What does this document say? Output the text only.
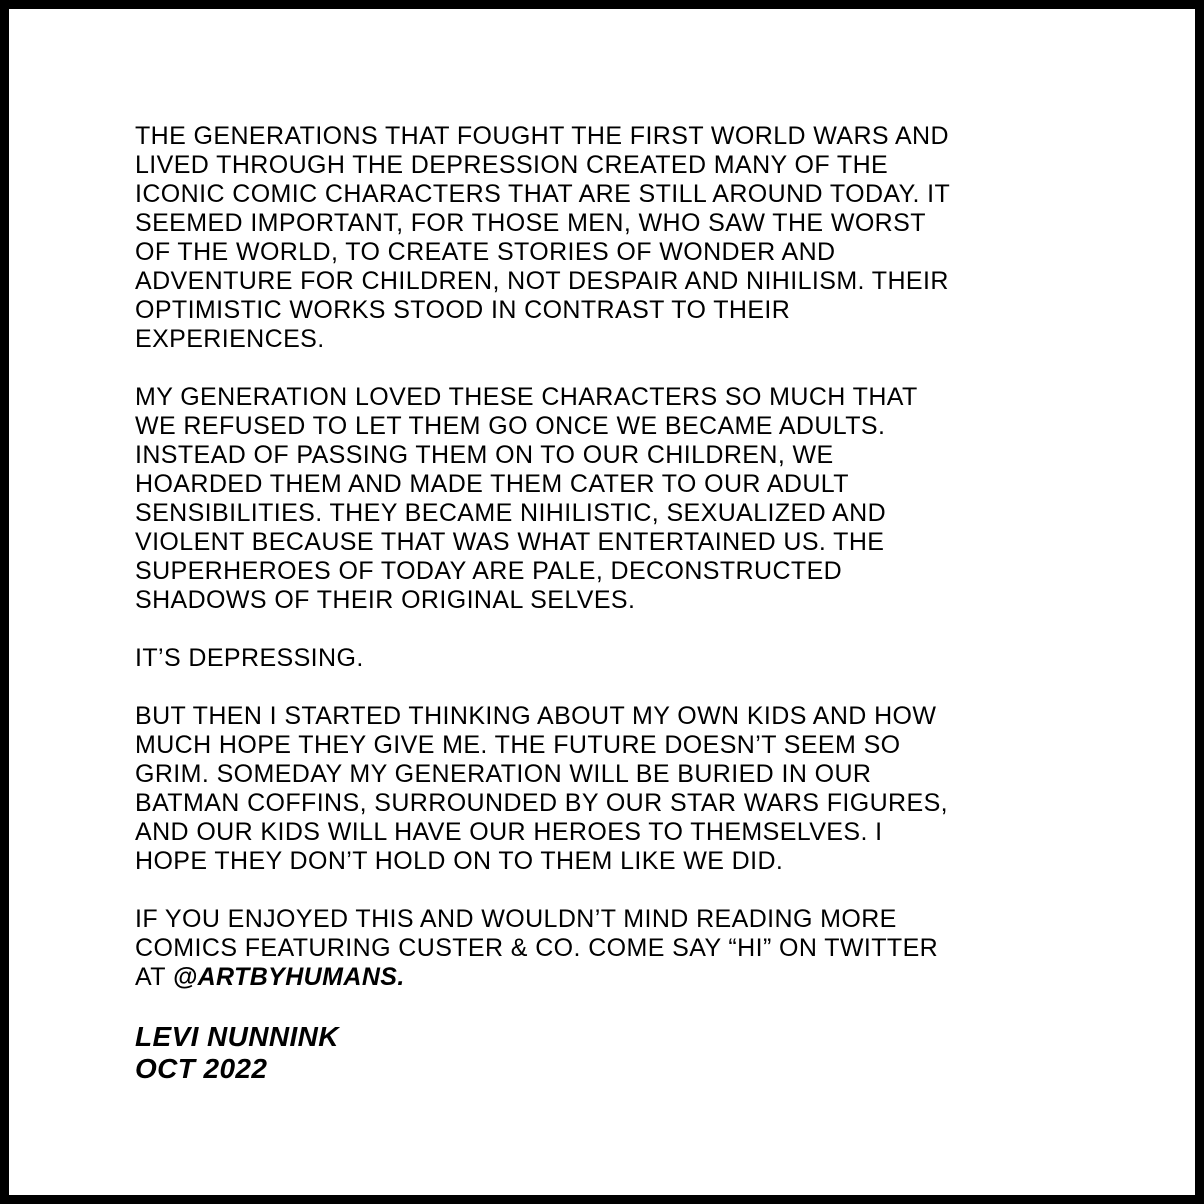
THE GENERATIONS THAT FOUGHT THE FIRST WORLD WARS AND
LIVED THROUGH THE DEPRESSION CREATED MANY OF THE
ICONIC COMIC CHARACTERS THAT ARE STILL AROUND TODAY. IT
SEEMED IMPORTANT, FOR THOSE MEN, WHO SAW THE WORST
OF THE WORLD, TO CREATE STORIES OF WONDER AND
ADVENTURE FOR CHILDREN, NOT DESPAIR AND NIHILISM. THEIR
OPTIMISTIC WORKS STOOD IN CONTRAST TO THEIR
EXPERIENCES.
MY GENERATION LOVED THESE CHARACTERS SO MUCH THAT
WE REFUSED TO LET THEM GO ONCE WE BECAME ADULTS.
INSTEAD OF PASSING THEM ON TO OUR CHILDREN, WE
HOARDED THEM AND MADE THEM CATER TO OUR ADULT
SENSIBILITIES. THEY BECAME NIHILISTIC, SEXUALIZED AND
VIOLENT BECAUSE THAT WAS WHAT ENTERTAINED US. THE
SUPERHEROES OF TODAY ARE PALE, DECONSTRUCTED
SHADOWS OF THEIR ORIGINAL SELVES.
IT’S DEPRESSING.
BUT THEN I STARTED THINKING ABOUT MY OWN KIDS AND HOW
MUCH HOPE THEY GIVE ME. THE FUTURE DOESN’T SEEM SO
GRIM. SOMEDAY MY GENERATION WILL BE BURIED IN OUR
BATMAN COFFINS, SURROUNDED BY OUR STAR WARS FIGURES,
AND OUR KIDS WILL HAVE OUR HEROES TO THEMSELVES. I
HOPE THEY DON’T HOLD ON TO THEM LIKE WE DID.
IF YOU ENJOYED THIS AND WOULDN’T MIND READING MORE
COMICS FEATURING CUSTER & CO. COME SAY “HI” ON TWITTER
AT @ARTBYHUMANS.
LEVI NUNNINK
OCT 2022
